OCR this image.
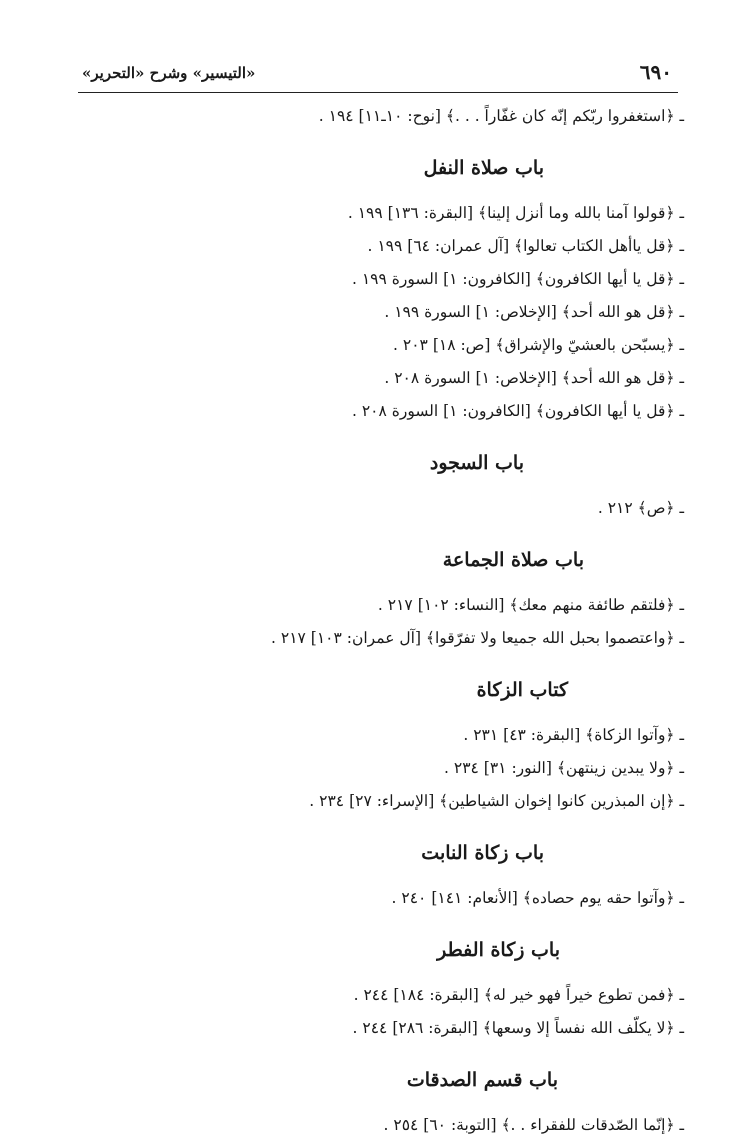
٦٩٠
«التيسير» وشرح «التحرير»
ـ ﴿استغفروا ربّكم إنّه كان غفّاراً . . .﴾ [نوح: ١٠ـ١١] ١٩٤ .
باب صلاة النفل
ـ ﴿قولوا آمنا بالله وما أنزل إلينا﴾ [البقرة: ١٣٦] ١٩٩ .
ـ ﴿قل ياأهل الكتاب تعالوا﴾ [آل عمران: ٦٤] ١٩٩ .
ـ ﴿قل يا أيها الكافرون﴾ [الكافرون: ١] السورة ١٩٩ .
ـ ﴿قل هو الله أحد﴾ [الإخلاص: ١] السورة ١٩٩ .
ـ ﴿يسبّحن بالعشيّ والإشراق﴾ [ص: ١٨] ٢٠٣ .
ـ ﴿قل هو الله أحد﴾ [الإخلاص: ١] السورة ٢٠٨ .
ـ ﴿قل يا أيها الكافرون﴾ [الكافرون: ١] السورة ٢٠٨ .
باب السجود
ـ ﴿ص﴾ ٢١٢ .
باب صلاة الجماعة
ـ ﴿فلتقم طائفة منهم معك﴾ [النساء: ١٠٢] ٢١٧ .
ـ ﴿واعتصموا بحبل الله جميعا ولا تفرّقوا﴾ [آل عمران: ١٠٣] ٢١٧ .
كتاب الزكاة
ـ ﴿وآتوا الزكاة﴾ [البقرة: ٤٣] ٢٣١ .
ـ ﴿ولا يبدين زينتهن﴾ [النور: ٣١] ٢٣٤ .
ـ ﴿إن المبذرين كانوا إخوان الشياطين﴾ [الإسراء: ٢٧] ٢٣٤ .
باب زكاة النابت
ـ ﴿وآتوا حقه يوم حصاده﴾ [الأنعام: ١٤١] ٢٤٠ .
باب زكاة الفطر
ـ ﴿فمن تطوع خيراً فهو خير له﴾ [البقرة: ١٨٤] ٢٤٤ .
ـ ﴿لا يكلّف الله نفساً إلا وسعها﴾ [البقرة: ٢٨٦] ٢٤٤ .
باب قسم الصدقات
ـ ﴿إنّما الصّدقات للفقراء . .﴾ [التوبة: ٦٠] ٢٥٤ .
